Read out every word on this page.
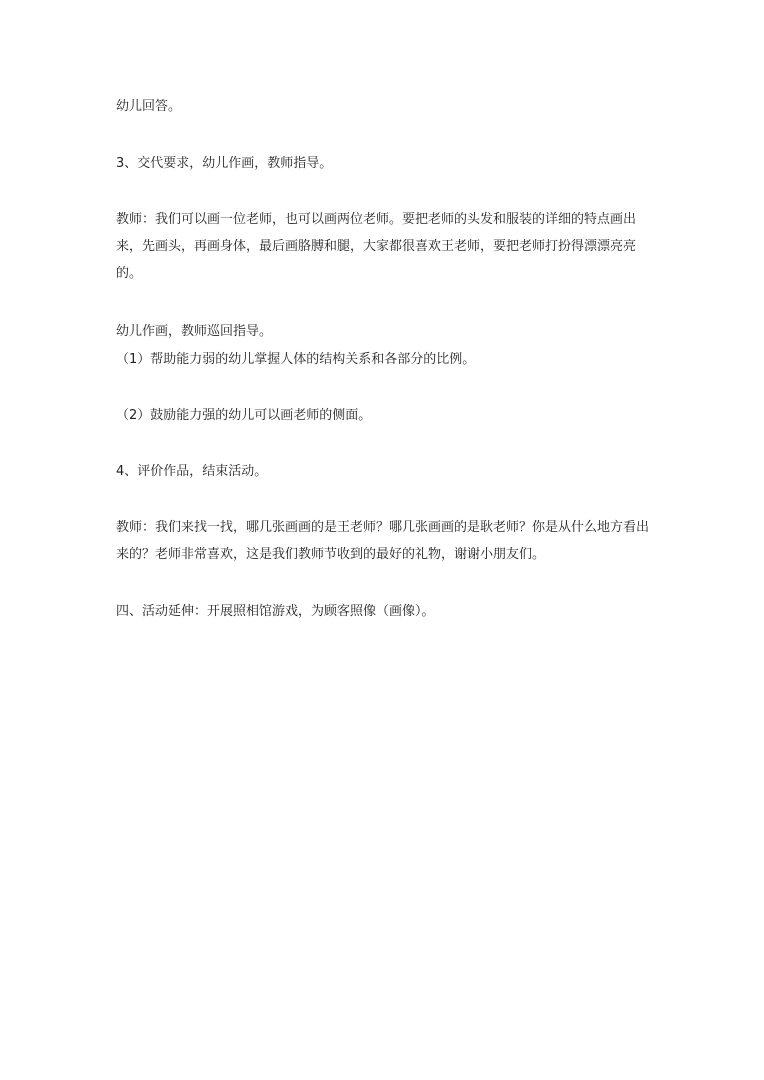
幼儿回答。

3、交代要求，幼儿作画，教师指导。

教师：我们可以画一位老师，也可以画两位老师。要把老师的头发和服装的详细的特点画出来，先画头，再画身体，最后画胳膊和腿，大家都很喜欢王老师，要把老师打扮得漂漂亮亮的。

幼儿作画，教师巡回指导。

（1）帮助能力弱的幼儿掌握人体的结构关系和各部分的比例。

（2）鼓励能力强的幼儿可以画老师的侧面。

4、评价作品，结束活动。

教师：我们来找一找，哪几张画画的是王老师？哪几张画画的是耿老师？你是从什么地方看出来的？老师非常喜欢，这是我们教师节收到的最好的礼物，谢谢小朋友们。

四、活动延伸：开展照相馆游戏，为顾客照像（画像）。
